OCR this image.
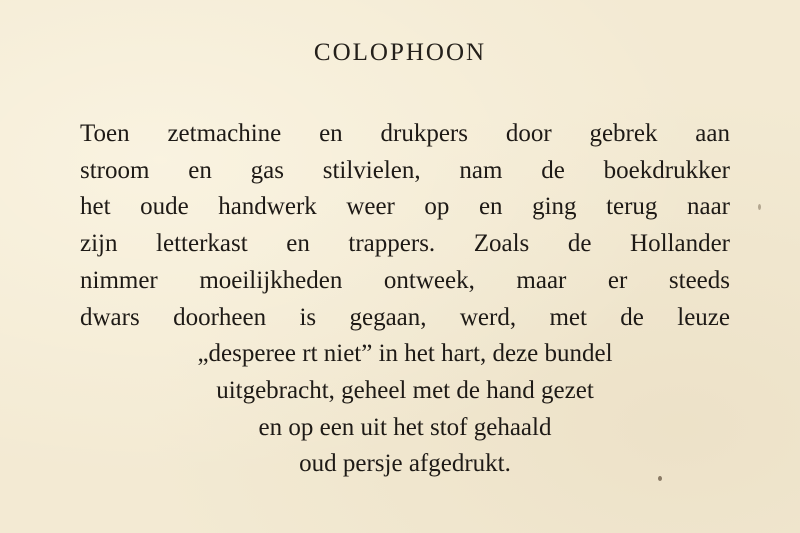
COLOPHOON
Toen zetmachine en drukpers door gebrek aan
stroom en gas stilvielen, nam de boekdrukker
het oude handwerk weer op en ging terug naar
zijn letterkast en trappers. Zoals de Hollander
nimmer moeilijkheden ontweek, maar er steeds
dwars doorheen is gegaan, werd, met de leuze
„desperee rt niet” in het hart, deze bundel
uitgebracht, geheel met de hand gezet
en op een uit het stof gehaald
oud persje afgedrukt.
